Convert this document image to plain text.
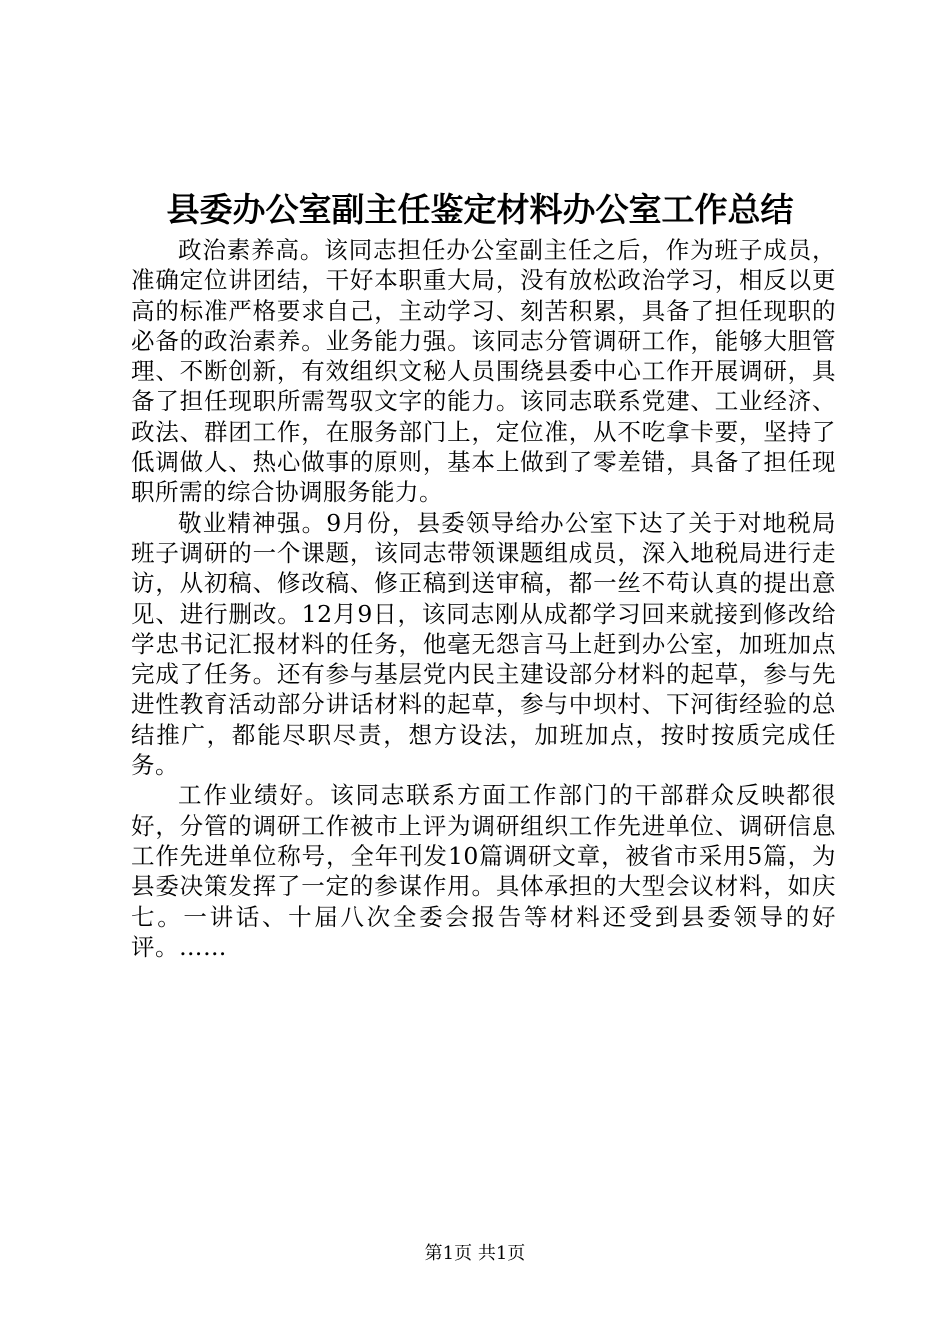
县委办公室副主任鉴定材料办公室工作总结

政治素养高。该同志担任办公室副主任之后，作为班子成员，准确定位讲团结，干好本职重大局，没有放松政治学习，相反以更高的标准严格要求自己，主动学习、刻苦积累，具备了担任现职的必备的政治素养。业务能力强。该同志分管调研工作，能够大胆管理、不断创新，有效组织文秘人员围绕县委中心工作开展调研，具备了担任现职所需驾驭文字的能力。该同志联系党建、工业经济、政法、群团工作，在服务部门上，定位准，从不吃拿卡要，坚持了低调做人、热心做事的原则，基本上做到了零差错，具备了担任现职所需的综合协调服务能力。

敬业精神强。9月份，县委领导给办公室下达了关于对地税局班子调研的一个课题，该同志带领课题组成员，深入地税局进行走访，从初稿、修改稿、修正稿到送审稿，都一丝不苟认真的提出意见、进行删改。12月9日，该同志刚从成都学习回来就接到修改给学忠书记汇报材料的任务，他毫无怨言马上赶到办公室，加班加点完成了任务。还有参与基层党内民主建设部分材料的起草，参与先进性教育活动部分讲话材料的起草，参与中坝村、下河街经验的总结推广，都能尽职尽责，想方设法，加班加点，按时按质完成任务。

工作业绩好。该同志联系方面工作部门的干部群众反映都很好，分管的调研工作被市上评为调研组织工作先进单位、调研信息工作先进单位称号，全年刊发10篇调研文章，被省市采用5篇，为县委决策发挥了一定的参谋作用。具体承担的大型会议材料，如庆七。一讲话、十届八次全委会报告等材料还受到县委领导的好评。……

第1页 共1页
